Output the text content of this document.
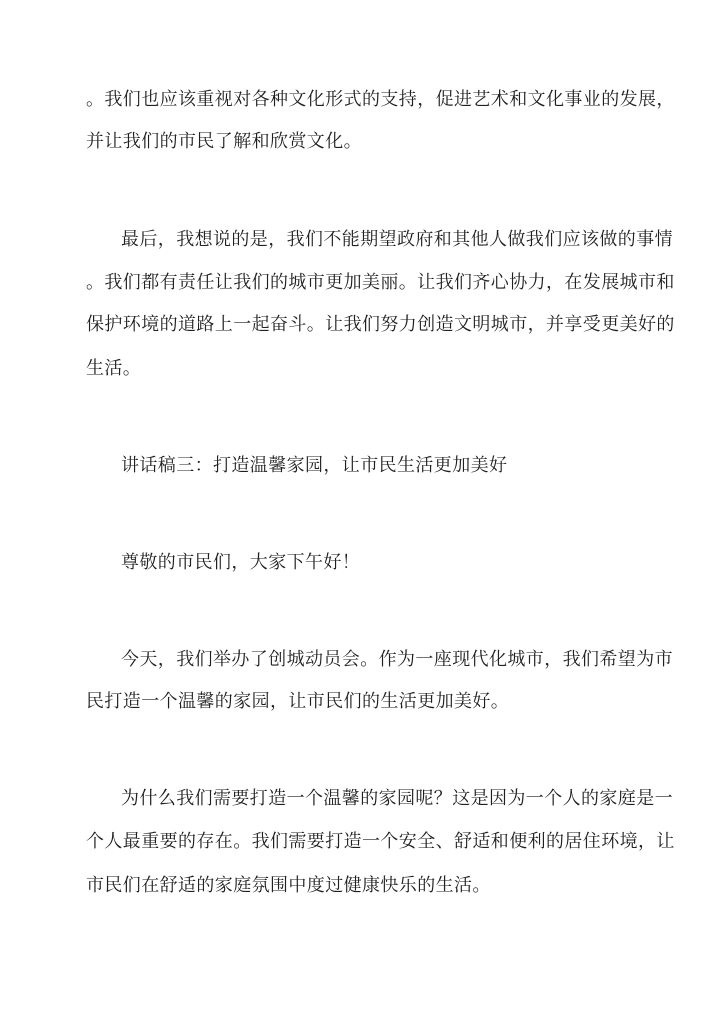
。我们也应该重视对各种文化形式的支持，促进艺术和文化事业的发展，
并让我们的市民了解和欣赏文化。
最后，我想说的是，我们不能期望政府和其他人做我们应该做的事情
。我们都有责任让我们的城市更加美丽。让我们齐心协力，在发展城市和
保护环境的道路上一起奋斗。让我们努力创造文明城市，并享受更美好的
生活。
讲话稿三：打造温馨家园，让市民生活更加美好
尊敬的市民们，大家下午好！
今天，我们举办了创城动员会。作为一座现代化城市，我们希望为市
民打造一个温馨的家园，让市民们的生活更加美好。
为什么我们需要打造一个温馨的家园呢？这是因为一个人的家庭是一
个人最重要的存在。我们需要打造一个安全、舒适和便利的居住环境，让
市民们在舒适的家庭氛围中度过健康快乐的生活。
